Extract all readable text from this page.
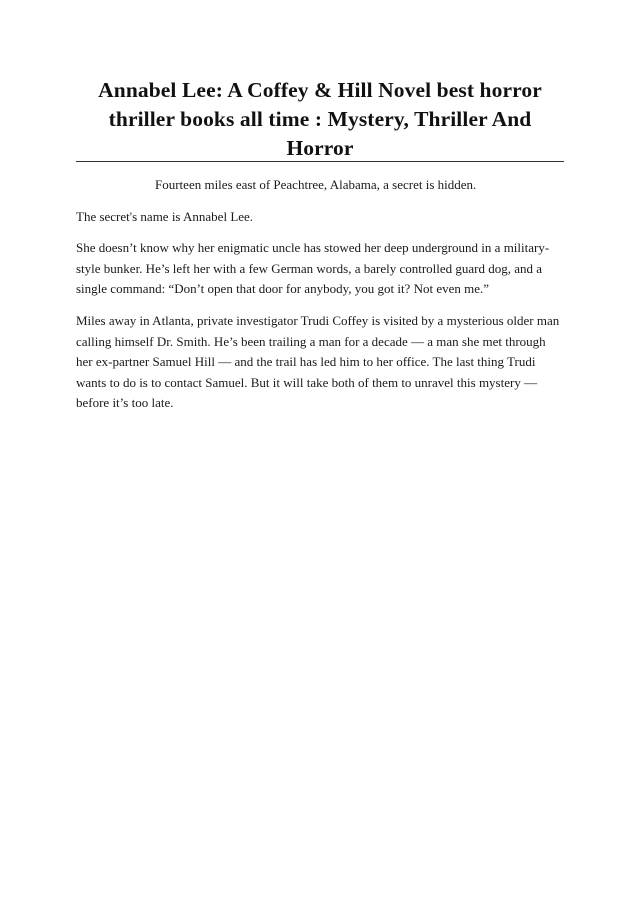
Annabel Lee: A Coffey & Hill Novel best horror thriller books all time : Mystery, Thriller And Horror

Fourteen miles east of Peachtree, Alabama, a secret is hidden.

The secret's name is Annabel Lee.

She doesn’t know why her enigmatic uncle has stowed her deep underground in a military-style bunker. He’s left her with a few German words, a barely controlled guard dog, and a single command: “Don’t open that door for anybody, you got it? Not even me.”

Miles away in Atlanta, private investigator Trudi Coffey is visited by a mysterious older man calling himself Dr. Smith. He’s been trailing a man for a decade — a man she met through her ex-partner Samuel Hill — and the trail has led him to her office. The last thing Trudi wants to do is to contact Samuel. But it will take both of them to unravel this mystery — before it’s too late.
